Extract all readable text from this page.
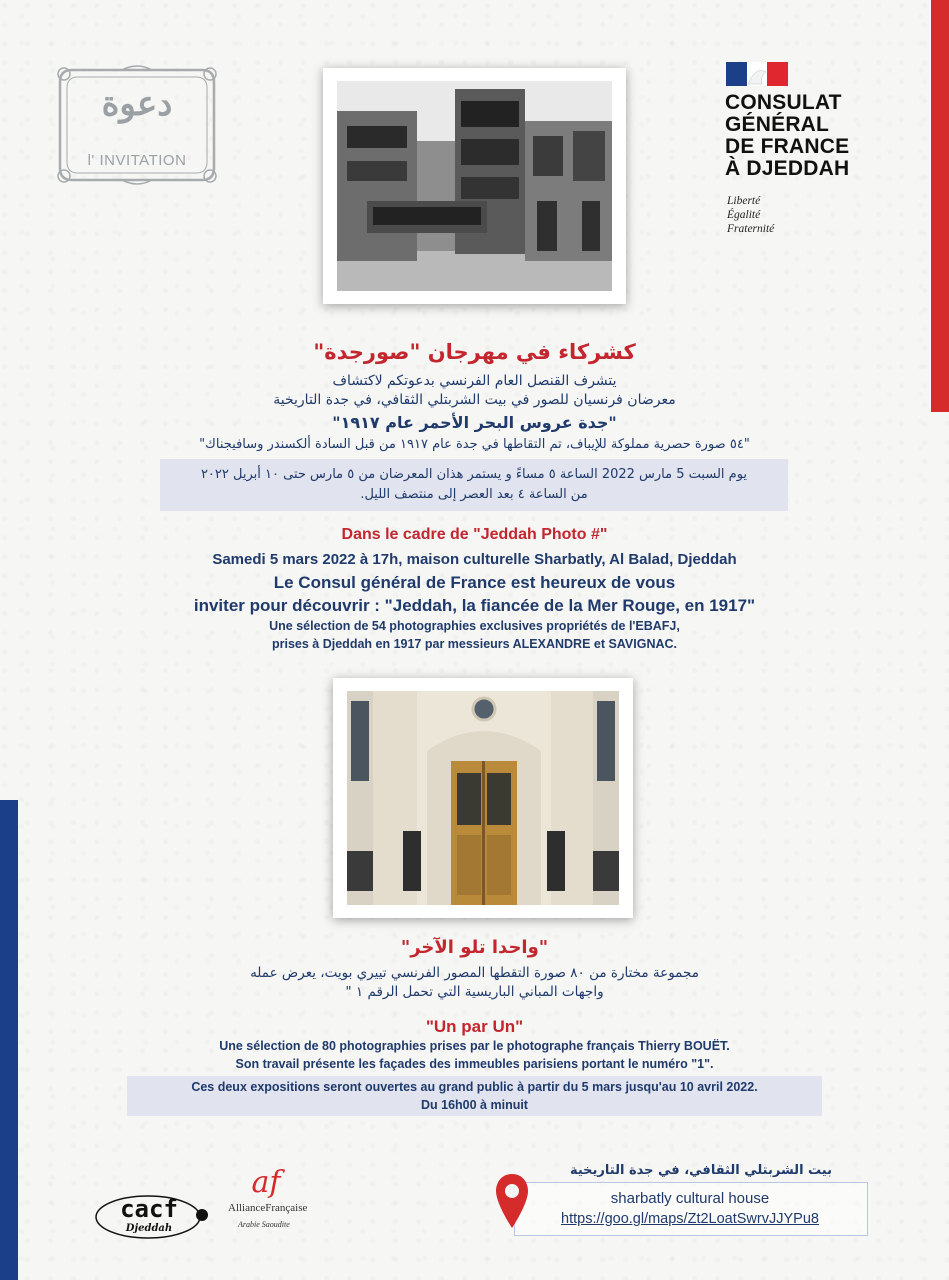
دعوة
l' INVITATION
CONSULAT
GÉNÉRAL
DE FRANCE
À DJEDDAH
Liberté
Égalité
Fraternité
كشركاء في مهرجان "صورجدة"
يتشرف القنصل العام الفرنسي بدعوتكم لاكتشاف
معرضان فرنسيان للصور في بيت الشربتلي الثقافي، في جدة التاريخية
"جدة عروس البحر الأحمر عام ١٩١٧"
"٥٤ صورة حصرية مملوكة للإيباف، تم التقاطها في جدة عام ١٩١٧ من قبل السادة ألكسندر وسافيجناك"
يوم السبت 5 مارس 2022 الساعة ٥ مساءً و يستمر هذان المعرضان من ٥ مارس حتى ١٠ أبريل ٢٠٢٢
من الساعة ٤ بعد العصر إلى منتصف الليل.
Dans le cadre de "Jeddah Photo #"
Samedi 5 mars 2022 à 17h, maison culturelle Sharbatly, Al Balad, Djeddah
Le Consul général de France est heureux de vous
inviter pour découvrir : "Jeddah, la fiancée de la Mer Rouge, en 1917"
Une sélection de 54 photographies exclusives propriétés de l'EBAFJ,
prises à Djeddah en 1917 par messieurs ALEXANDRE et SAVIGNAC.
"واحدا تلو الآخر"
مجموعة مختارة من ٨٠ صورة التقطها المصور الفرنسي تييري بويت، يعرض عمله
واجهات المباني الباريسية التي تحمل الرقم ١ "
"Un par Un"
Une sélection de 80 photographies prises par le photographe français Thierry BOUËT.
Son travail présente les façades des immeubles parisiens portant le numéro "1".
Ces deux expositions seront ouvertes au grand public à partir du 5 mars jusqu'au 10 avril 2022.
Du 16h00 à minuit
cacf
Djeddah
af
AllianceFrançaise
Arabie Saoudite
بيت الشربتلي الثقافي، في جدة التاريخية
sharbatly cultural house
https://goo.gl/maps/Zt2LoatSwrvJJYPu8
